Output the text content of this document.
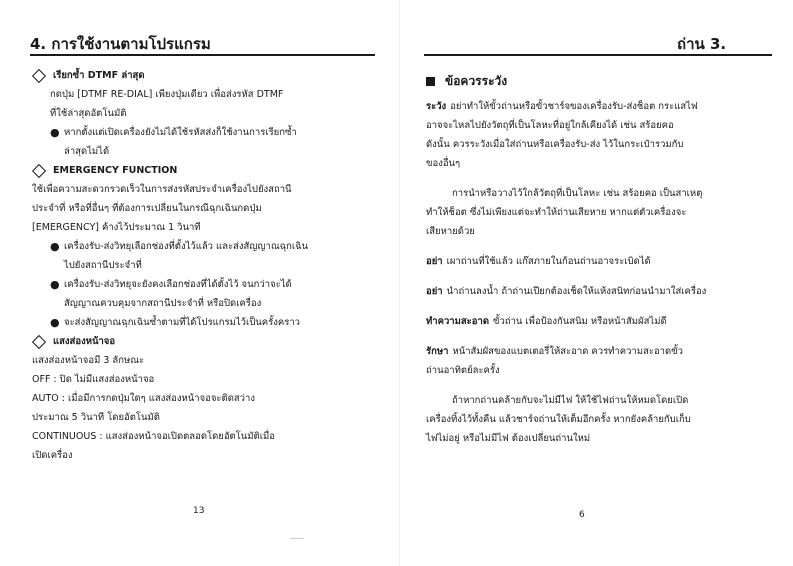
4. การใช้งานตามโปรแกรม
เรียกซ้ำ DTMF ล่าสุด
กดปุ่ม [DTMF RE-DIAL] เพียงปุ่มเดียว เพื่อส่งรหัส DTMF
ที่ใช้ล่าสุดอัตโนมัติ
● หากตั้งแต่เปิดเครื่องยังไม่ได้ใช้รหัสส่งก็ใช้งานการเรียกซ้ำ
ล่าสุดไม่ได้
EMERGENCY FUNCTION
ใช้เพื่อความสะดวกรวดเร็วในการส่งรหัสประจำเครื่องไปยังสถานี
ประจำที่ หรือที่อื่นๆ ที่ต้องการเปลี่ยนในกรณีฉุกเฉินกดปุ่ม
[EMERGENCY] ค้างไว้ประมาณ 1 วินาที
● เครื่องรับ-ส่งวิทยุเลือกช่องที่ตั้งไว้แล้ว และส่งสัญญาณฉุกเฉิน
ไปยังสถานีประจำที่
● เครื่องรับ-ส่งวิทยุจะยังคงเลือกช่องที่ได้ตั้งไว้ จนกว่าจะได้
สัญญาณควบคุมจากสถานีประจำที่ หรือปิดเครื่อง
● จะส่งสัญญาณฉุกเฉินซ้ำตามที่ได้โปรแกรมไว้เป็นครั้งคราว
แสงส่องหน้าจอ
แสงส่องหน้าจอมี 3 ลักษณะ
OFF : ปิด ไม่มีแสงส่องหน้าจอ
AUTO : เมื่อมีการกดปุ่มใดๆ แสงส่องหน้าจอจะติดสว่าง
ประมาณ 5 วินาที โดยอัตโนมัติ
CONTINUOUS : แสงส่องหน้าจอเปิดตลอดโดยอัตโนมัติเมื่อ
เปิดเครื่อง
13
ถ่าน 3.
ข้อควรระวัง
ระวัง อย่าทำให้ขั้วถ่านหรือขั้วชาร์จของเครื่องรับ-ส่งช็อต กระแสไฟ
อาจจะไหลไปยังวัตถุที่เป็นโลหะที่อยู่ใกล้เคียงได้ เช่น สร้อยคอ
ดังนั้น ควรระวังเมื่อใส่ถ่านหรือเครื่องรับ-ส่ง ไว้ในกระเป๋ารวมกับ
ของอื่นๆ
การนำหรือวางไว้ใกล้วัตถุที่เป็นโลหะ เช่น สร้อยคอ เป็นสาเหตุ
ทำให้ช็อต ซึ่งไม่เพียงแต่จะทำให้ถ่านเสียหาย หากแต่ตัวเครื่องจะ
เสียหายด้วย
อย่า เผาถ่านที่ใช้แล้ว แก๊สภายในก้อนถ่านอาจระเบิดได้
อย่า นำถ่านลงน้ำ ถ้าถ่านเปียกต้องเช็ดให้แห้งสนิทก่อนนำมาใส่เครื่อง
ทำความสะอาด ขั้วถ่าน เพื่อป้องกันสนิม หรือหน้าสัมผัสไม่ดี
รักษา หน้าสัมผัสของแบตเตอรี่ให้สะอาด ควรทำความสะอาดขั้ว
ถ่านอาทิตย์ละครั้ง
ถ้าหากถ่านคล้ายกับจะไม่มีไฟ ให้ใช้ไฟถ่านให้หมดโดยเปิด
เครื่องทิ้งไว้ทั้งคืน แล้วชาร์จถ่านให้เต็มอีกครั้ง หากยังคล้ายกับเก็บ
ไฟไม่อยู่ หรือไม่มีไฟ ต้องเปลี่ยนถ่านใหม่
6
